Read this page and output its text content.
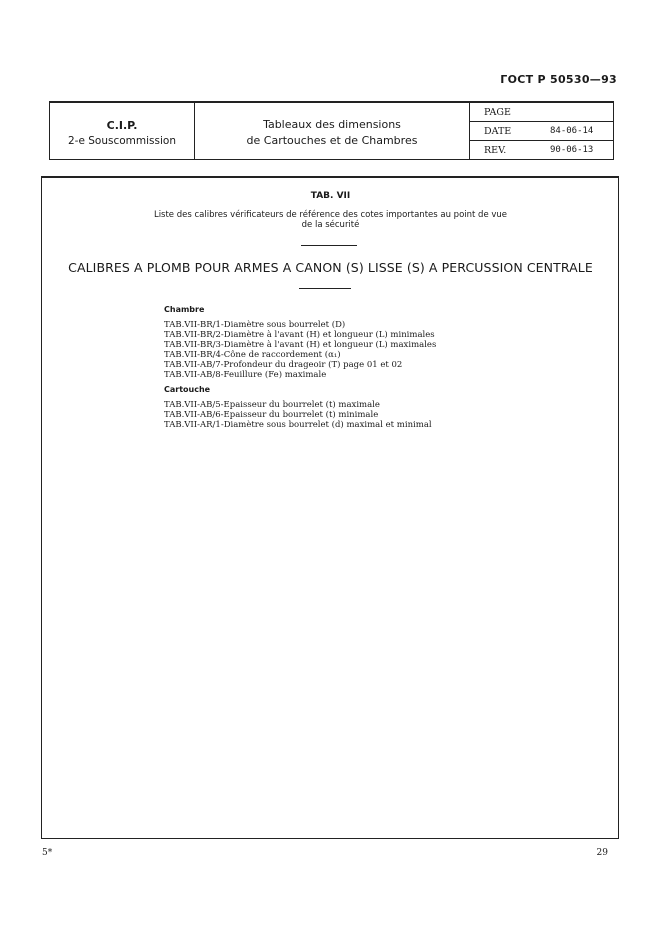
ГОСТ Р 50530—93
C.I.P.
2-e Souscommission
Tableaux des dimensions
de Cartouches et de Chambres
PAGE
DATE	84-06-14
REV.	90-06-13
TAB. VII
Liste des calibres vérificateurs de référence des cotes importantes au point de vue
de la sécurité
CALIBRES A PLOMB POUR ARMES A CANON (S) LISSE (S) A PERCUSSION CENTRALE
Chambre
TAB.VII-BR/1-Diamètre sous bourrelet (D)
TAB.VII-BR/2-Diamètre à l'avant (H) et longueur (L) minimales
TAB.VII-BR/3-Diamètre à l'avant (H) et longueur (L) maximales
TAB.VII-BR/4-Cône de raccordement (α₁)
TAB.VII-AB/7-Profondeur du drageoir (T) page 01 et 02
TAB.VII-AB/8-Feuillure (Fe) maximale
Cartouche
TAB.VII-AB/5-Epaisseur du bourrelet (t) maximale
TAB.VII-AB/6-Epaisseur du bourrelet (t) minimale
TAB.VII-AR/1-Diamètre sous bourrelet (d) maximal et minimal
5*	29
